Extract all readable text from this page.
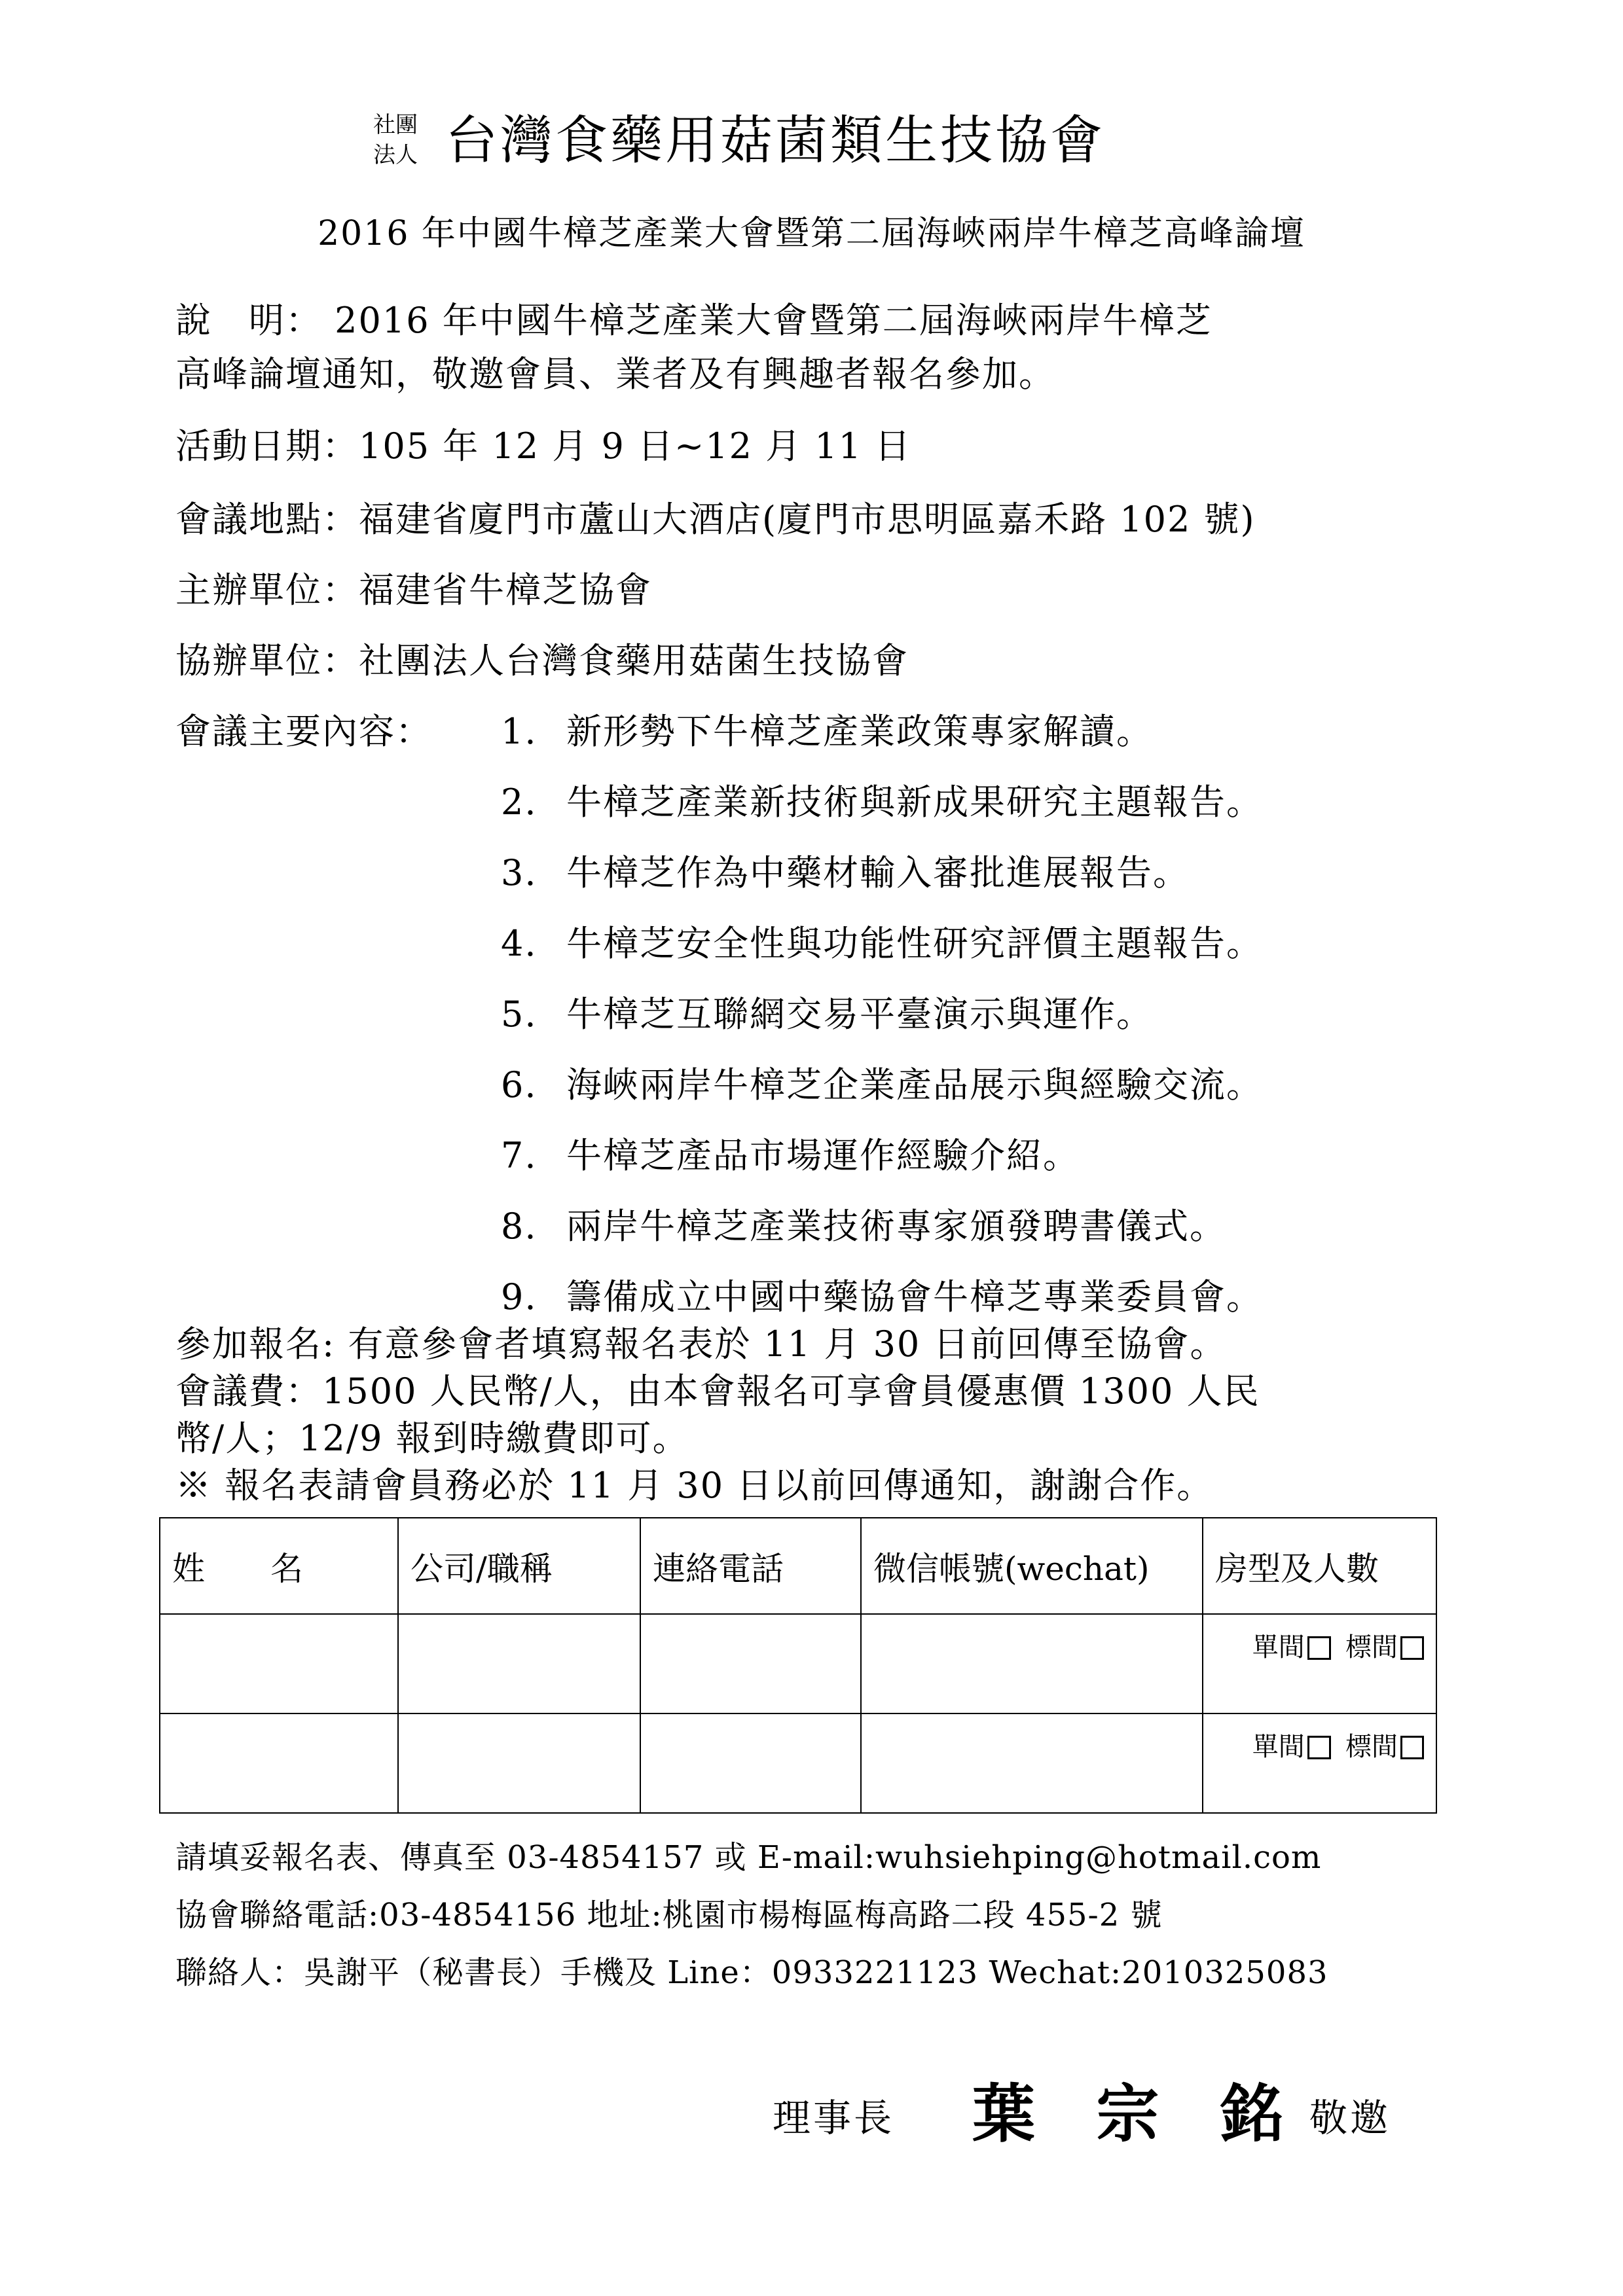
社團
法人 台灣食藥用菇菌類生技協會
2016 年中國牛樟芝產業大會暨第二屆海峽兩岸牛樟芝高峰論壇
說　明： 2016 年中國牛樟芝產業大會暨第二屆海峽兩岸牛樟芝
高峰論壇通知，敬邀會員、業者及有興趣者報名參加。
活動日期：105 年 12 月 9 日~12 月 11 日
會議地點：福建省廈門市蘆山大酒店(廈門市思明區嘉禾路 102 號)
主辦單位：福建省牛樟芝協會
協辦單位：社團法人台灣食藥用菇菌生技協會
會議主要內容： 1. 新形勢下牛樟芝產業政策專家解讀。
2. 牛樟芝產業新技術與新成果研究主題報告。
3. 牛樟芝作為中藥材輸入審批進展報告。
4. 牛樟芝安全性與功能性研究評價主題報告。
5. 牛樟芝互聯網交易平臺演示與運作。
6. 海峽兩岸牛樟芝企業產品展示與經驗交流。
7. 牛樟芝產品市場運作經驗介紹。
8. 兩岸牛樟芝產業技術專家頒發聘書儀式。
9. 籌備成立中國中藥協會牛樟芝專業委員會。
參加報名: 有意參會者填寫報名表於 11 月 30 日前回傳至協會。
會議費：1500 人民幣/人，由本會報名可享會員優惠價 1300 人民
幣/人；12/9 報到時繳費即可。
※ 報名表請會員務必於 11 月 30 日以前回傳通知，謝謝合作。
姓　　名	公司/職稱	連絡電話	微信帳號(wechat)	房型及人數
				單間 標間
				單間 標間
請填妥報名表、傳真至 03-4854157 或 E-mail:wuhsiehping@hotmail.com
協會聯絡電話:03-4854156 地址:桃園市楊梅區梅高路二段 455-2 號
聯絡人：吳謝平（秘書長）手機及 Line：0933221123 Wechat:2010325083
理事長 葉 宗 銘 敬邀
